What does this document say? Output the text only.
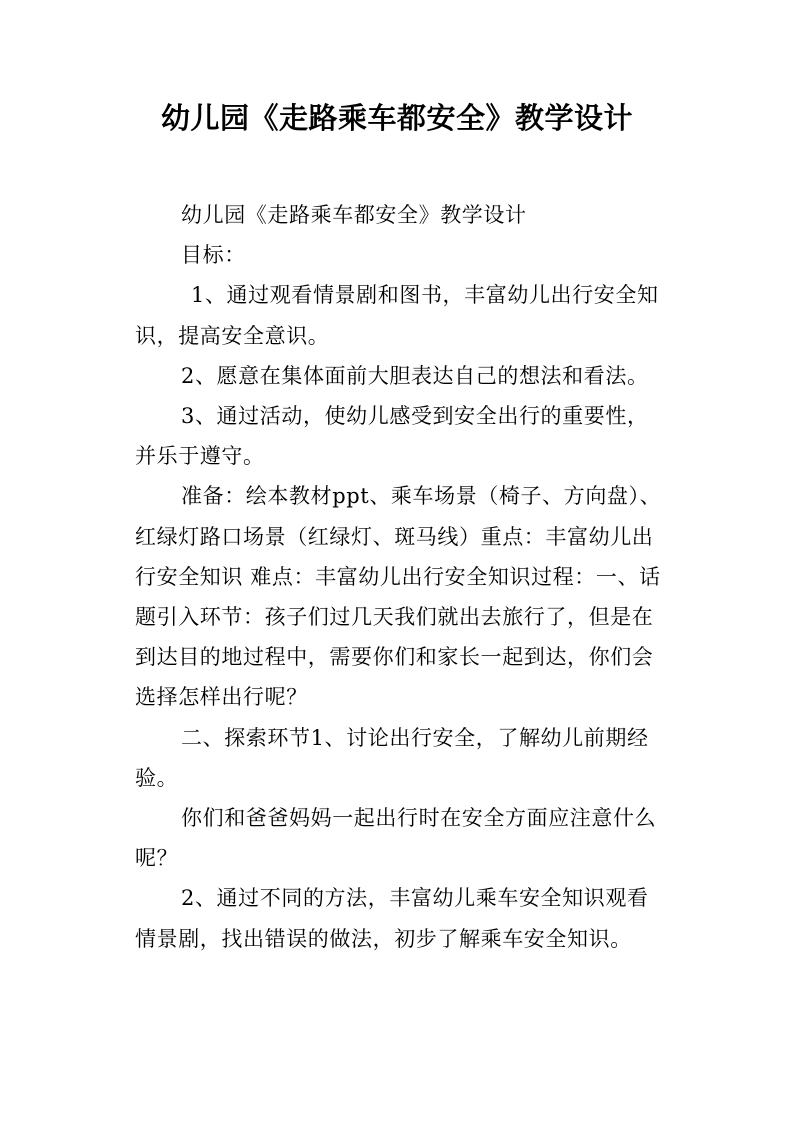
幼儿园《走路乘车都安全》教学设计

幼儿园《走路乘车都安全》教学设计

目标：

1、通过观看情景剧和图书，丰富幼儿出行安全知识，提高安全意识。

2、愿意在集体面前大胆表达自己的想法和看法。

3、通过活动，使幼儿感受到安全出行的重要性，并乐于遵守。

准备：绘本教材ppt、乘车场景（椅子、方向盘）、红绿灯路口场景（红绿灯、斑马线）重点：丰富幼儿出行安全知识 难点：丰富幼儿出行安全知识过程：一、话题引入环节：孩子们过几天我们就出去旅行了，但是在到达目的地过程中，需要你们和家长一起到达，你们会选择怎样出行呢？

二、探索环节1、讨论出行安全，了解幼儿前期经验。

你们和爸爸妈妈一起出行时在安全方面应注意什么呢？

2、通过不同的方法，丰富幼儿乘车安全知识观看情景剧，找出错误的做法，初步了解乘车安全知识。
